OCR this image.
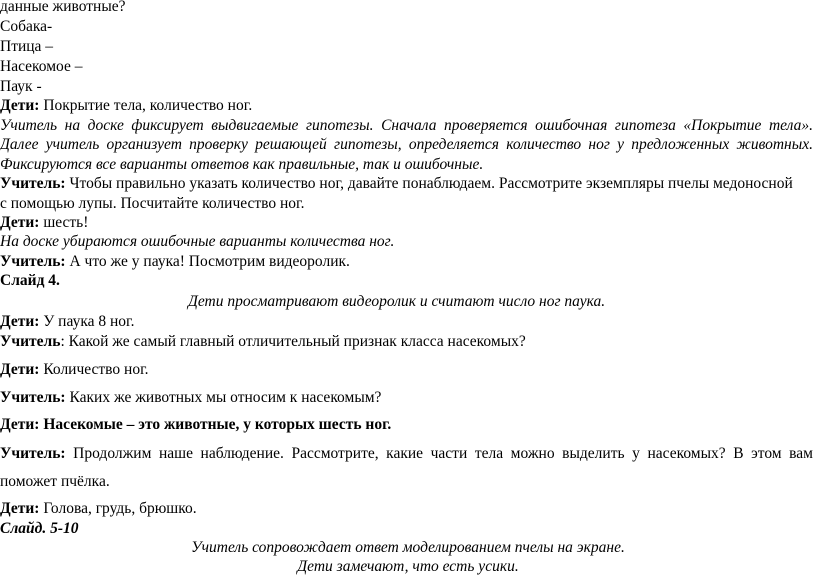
данные животные?
Собака-
Птица –
Насекомое –
Паук -
Дети: Покрытие тела, количество ног.
Учитель на доске фиксирует выдвигаемые гипотезы. Сначала проверяется ошибочная гипотеза «Покрытие тела».
Далее учитель организует проверку решающей гипотезы, определяется количество ног у предложенных животных.
Фиксируются все варианты ответов как правильные, так и ошибочные.
Учитель: Чтобы правильно указать количество ног, давайте понаблюдаем. Рассмотрите экземпляры пчелы медоносной
с помощью лупы. Посчитайте количество ног.
Дети: шесть!
На доске убираются ошибочные варианты количества ног.
Учитель: А что же у паука! Посмотрим видеоролик.
Слайд 4.
Дети просматривают видеоролик и считают число ног паука.
Дети: У паука 8 ног.
Учитель: Какой же самый главный отличительный признак класса насекомых?
Дети: Количество ног.
Учитель: Каких же животных мы относим к насекомым?
Дети: Насекомые – это животные, у которых шесть ног.
Учитель: Продолжим наше наблюдение. Рассмотрите, какие части тела можно выделить у насекомых? В этом вам
поможет пчёлка.
Дети: Голова, грудь, брюшко.
Слайд. 5-10
Учитель сопровождает ответ моделированием пчелы на экране.
Дети замечают, что есть усики.
